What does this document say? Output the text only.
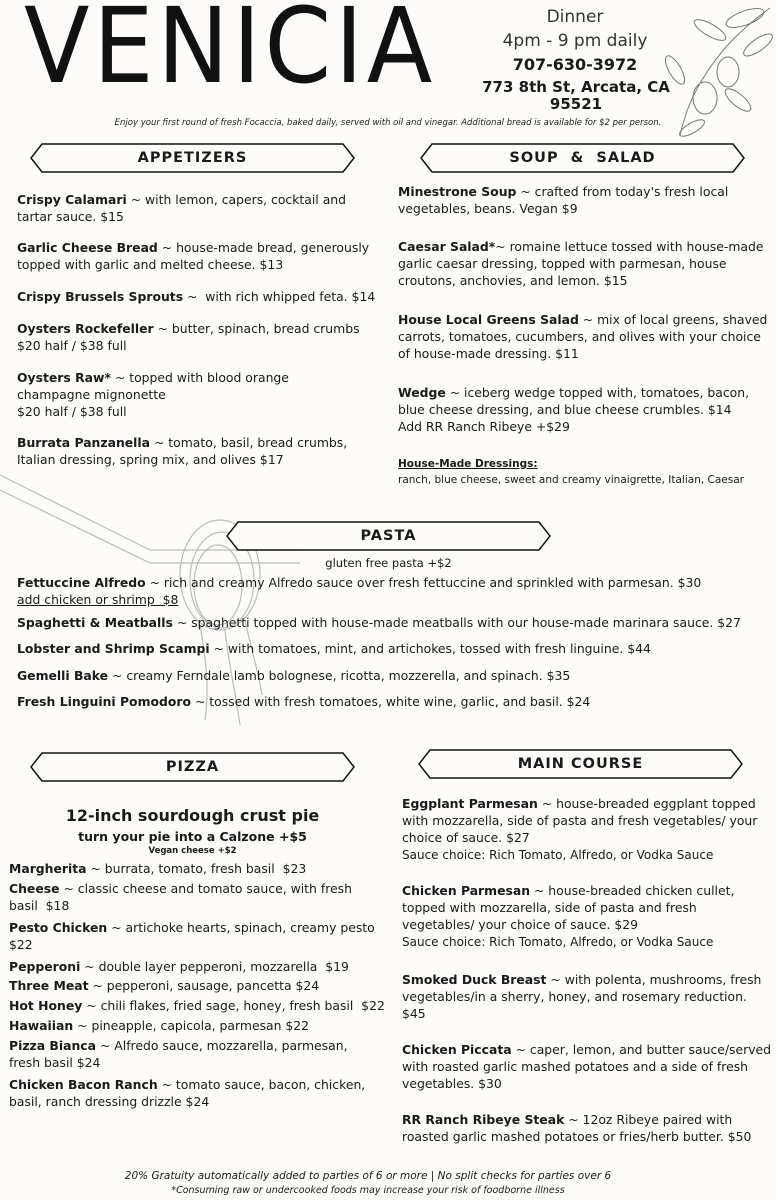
VENICIA	Dinner
4pm - 9 pm daily
707-630-3972
773 8th St, Arcata, CA 95521
Enjoy your first round of fresh Focaccia, baked daily, served with oil and vinegar. Additional bread is available for $2 per person.
APPETIZERS	SOUP  &  SALAD
PASTA
PIZZA	MAIN COURSE
Crispy Calamari ~ with lemon, capers, cocktail and tartar sauce. $15
Garlic Cheese Bread ~ house-made bread, generously topped with garlic and melted cheese. $13
Crispy Brussels Sprouts ~  with rich whipped feta. $14
Oysters Rockefeller ~ butter, spinach, bread crumbs
$20 half / $38 full
Oysters Raw* ~ topped with blood orange champagne mignonette
$20 half / $38 full
Burrata Panzanella ~ tomato, basil, bread crumbs, Italian dressing, spring mix, and olives $17
Minestrone Soup ~ crafted from today's fresh local vegetables, beans. Vegan $9
Caesar Salad*~ romaine lettuce tossed with house-made garlic caesar dressing, topped with parmesan, house croutons, anchovies, and lemon. $15
House Local Greens Salad ~ mix of local greens, shaved carrots, tomatoes, cucumbers, and olives with your choice of house-made dressing. $11
Wedge ~ iceberg wedge topped with, tomatoes, bacon, blue cheese dressing, and blue cheese crumbles. $14
Add RR Ranch Ribeye +$29
House-Made Dressings:
ranch, blue cheese, sweet and creamy vinaigrette, Italian, Caesar
gluten free pasta +$2
Fettuccine Alfredo ~ rich and creamy Alfredo sauce over fresh fettuccine and sprinkled with parmesan. $30
add chicken or shrimp  $8
Spaghetti & Meatballs ~ spaghetti topped with house-made meatballs with our house-made marinara sauce. $27
Lobster and Shrimp Scampi ~ with tomatoes, mint, and artichokes, tossed with fresh linguine. $44
Gemelli Bake ~ creamy Ferndale lamb bolognese, ricotta, mozzerella, and spinach. $35
Fresh Linguini Pomodoro ~ tossed with fresh tomatoes, white wine, garlic, and basil. $24
12-inch sourdough crust pie
turn your pie into a Calzone +$5
Vegan cheese +$2
Margherita ~ burrata, tomato, fresh basil  $23
Cheese ~ classic cheese and tomato sauce, with fresh basil  $18
Pesto Chicken ~ artichoke hearts, spinach, creamy pesto $22
Pepperoni ~ double layer pepperoni, mozzarella  $19
Three Meat ~ pepperoni, sausage, pancetta $24
Hot Honey ~ chili flakes, fried sage, honey, fresh basil  $22
Hawaiian ~ pineapple, capicola, parmesan $22
Pizza Bianca ~ Alfredo sauce, mozzarella, parmesan, fresh basil $24
Chicken Bacon Ranch ~ tomato sauce, bacon, chicken, basil, ranch dressing drizzle $24
Eggplant Parmesan ~ house-breaded eggplant topped with mozzarella, side of pasta and fresh vegetables/ your choice of sauce. $27
Sauce choice: Rich Tomato, Alfredo, or Vodka Sauce
Chicken Parmesan ~ house-breaded chicken cullet, topped with mozzarella, side of pasta and fresh vegetables/ your choice of sauce. $29
Sauce choice: Rich Tomato, Alfredo, or Vodka Sauce
Smoked Duck Breast ~ with polenta, mushrooms, fresh vegetables/in a sherry, honey, and rosemary reduction. $45
Chicken Piccata ~ caper, lemon, and butter sauce/served with roasted garlic mashed potatoes and a side of fresh vegetables. $30
RR Ranch Ribeye Steak ~ 12oz Ribeye paired with roasted garlic mashed potatoes or fries/herb butter. $50
20% Gratuity automatically added to parties of 6 or more | No split checks for parties over 6
*Consuming raw or undercooked foods may increase your risk of foodborne illness
